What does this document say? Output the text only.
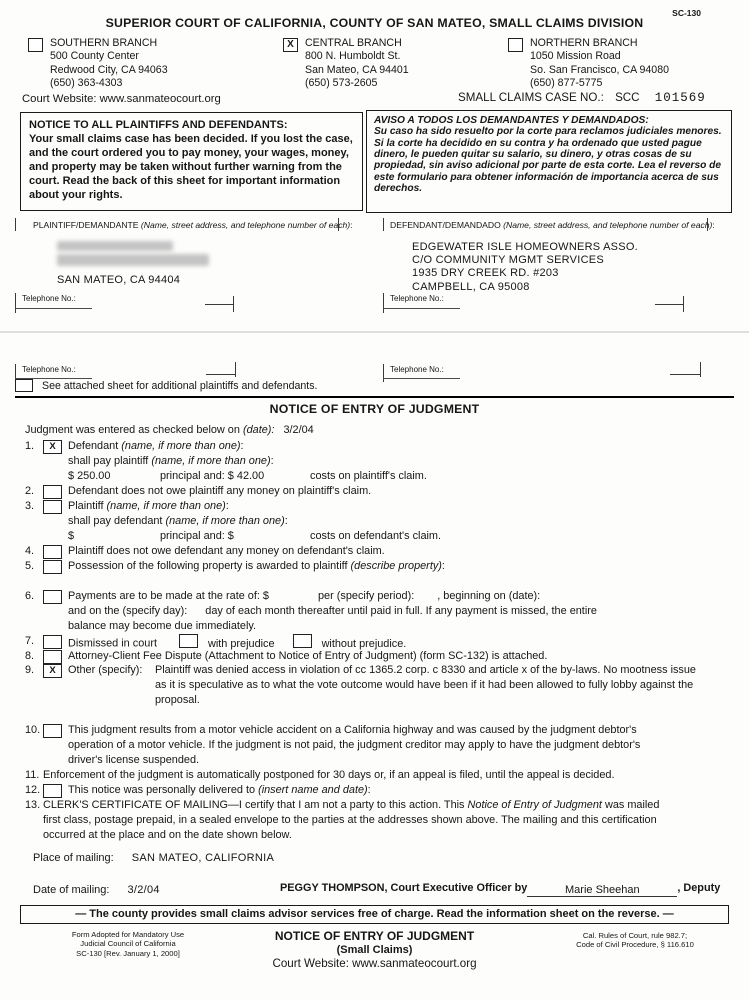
SC-130
SUPERIOR COURT OF CALIFORNIA, COUNTY OF SAN MATEO, SMALL CLAIMS DIVISION
SOUTHERN BRANCH
500 County Center
Redwood City, CA 94063
(650) 363-4303
X	CENTRAL BRANCH
800 N. Humboldt St.
San Mateo, CA 94401
(650) 573-2605
NORTHERN BRANCH
1050 Mission Road
So. San Francisco, CA 94080
(650) 877-5775
Court Website: www.sanmateocourt.org	SMALL CLAIMS CASE NO.: SCC 101569
NOTICE TO ALL PLAINTIFFS AND DEFENDANTS:
Your small claims case has been decided. If you lost the case, and the court ordered you to pay money, your wages, money, and property may be taken without further warning from the court. Read the back of this sheet for important information about your rights.
AVISO A TODOS LOS DEMANDANTES Y DEMANDADOS:
Su caso ha sido resuelto por la corte para reclamos judiciales menores. Si la corte ha decidido en su contra y ha ordenado que usted pague dinero, le pueden quitar su salario, su dinero, y otras cosas de su propiedad, sin aviso adicional por parte de esta corte. Lea el reverso de este formulario para obtener información de importancia acerca de sus derechos.
PLAINTIFF/DEMANDANTE (Name, street address, and telephone number of each):	DEFENDANT/DEMANDADO (Name, street address, and telephone number of each):
SAN MATEO, CA 94404
EDGEWATER ISLE HOMEOWNERS ASSO.
C/O COMMUNITY MGMT SERVICES
1935 DRY CREEK RD. #203
CAMPBELL, CA 95008
Telephone No.:	Telephone No.:
Telephone No.:	Telephone No.:
See attached sheet for additional plaintiffs and defendants.
NOTICE OF ENTRY OF JUDGMENT
Judgment was entered as checked below on (date): 3/2/04
1.	X	Defendant (name, if more than one):
shall pay plaintiff (name, if more than one):
$ 250.00	principal and: $ 42.00	costs on plaintiff's claim.
2.	Defendant does not owe plaintiff any money on plaintiff's claim.
3.	Plaintiff (name, if more than one):
shall pay defendant (name, if more than one):
$	principal and: $	costs on defendant's claim.
4.	Plaintiff does not owe defendant any money on defendant's claim.
5.	Possession of the following property is awarded to plaintiff (describe property):
6.	Payments are to be made at the rate of: $	per (specify period): , beginning on (date):
and on the (specify day): day of each month thereafter until paid in full. If any payment is missed, the entire
balance may become due immediately.
7.	Dismissed in court	with prejudice	without prejudice.
8.	Attorney-Client Fee Dispute (Attachment to Notice of Entry of Judgment) (form SC-132) is attached.
9.	X	Other (specify): Plaintiff was denied access in violation of cc 1365.2 corp. c 8330 and article x of the by-laws. No mootness issue
as it is speculative as to what the vote outcome would have been if it had been allowed to fully lobby against the
proposal.
10.	This judgment results from a motor vehicle accident on a California highway and was caused by the judgment debtor's
operation of a motor vehicle. If the judgment is not paid, the judgment creditor may apply to have the judgment debtor's
driver's license suspended.
11. Enforcement of the judgment is automatically postponed for 30 days or, if an appeal is filed, until the appeal is decided.
12.	This notice was personally delivered to (insert name and date):
13. CLERK'S CERTIFICATE OF MAILING—I certify that I am not a party to this action. This Notice of Entry of Judgment was mailed
first class, postage prepaid, in a sealed envelope to the parties at the addresses shown above. The mailing and this certification
occurred at the place and on the date shown below.
Place of mailing: SAN MATEO, CALIFORNIA
Date of mailing: 3/2/04	PEGGY THOMPSON, Court Executive Officer by	Marie Sheehan	, Deputy
— The county provides small claims advisor services free of charge. Read the information sheet on the reverse. —
Form Adopted for Mandatory Use
Judicial Council of California
SC-130 [Rev. January 1, 2000]
NOTICE OF ENTRY OF JUDGMENT
(Small Claims)
Cal. Rules of Court, rule 982.7;
Code of Civil Procedure, § 116.610
Court Website: www.sanmateocourt.org
